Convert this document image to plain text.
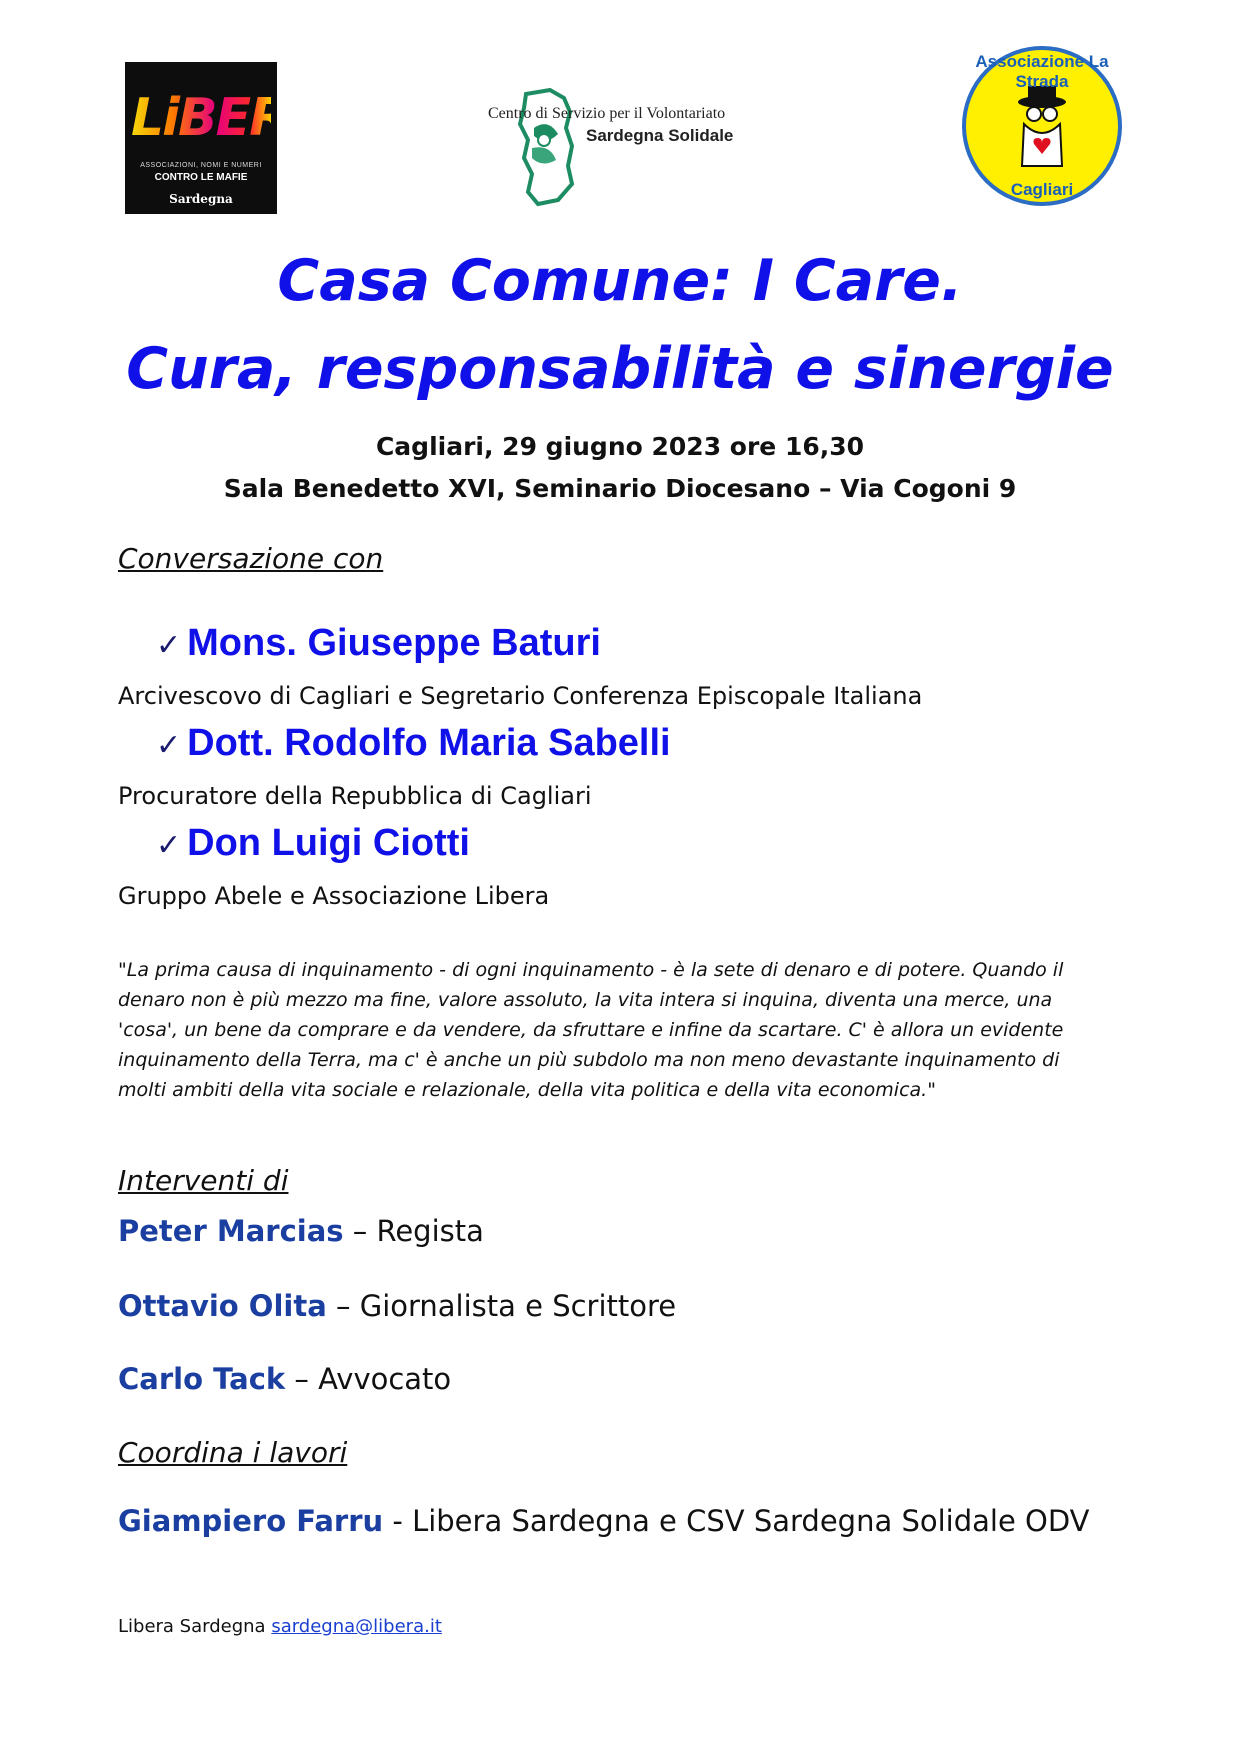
LiBERA
ASSOCIAZIONI, NOMI E NUMERI
CONTRO LE MAFIE
Sardegna
Centro di Servizio per il Volontariato
Sardegna Solidale
Associazione La Strada
Cagliari
Casa Comune: I Care.
Cura, responsabilità e sinergie
Cagliari, 29 giugno 2023 ore 16,30
Sala Benedetto XVI, Seminario Diocesano – Via Cogoni 9
Conversazione con
✓ Mons. Giuseppe Baturi
Arcivescovo di Cagliari e Segretario Conferenza Episcopale Italiana
✓ Dott. Rodolfo Maria Sabelli
Procuratore della Repubblica di Cagliari
✓ Don Luigi Ciotti
Gruppo Abele e Associazione Libera
"La prima causa di inquinamento - di ogni inquinamento - è la sete di denaro e di potere. Quando il
denaro non è più mezzo ma fine, valore assoluto, la vita intera si inquina, diventa una merce, una
'cosa', un bene da comprare e da vendere, da sfruttare e infine da scartare. C' è allora un evidente
inquinamento della Terra, ma c' è anche un più subdolo ma non meno devastante inquinamento di
molti ambiti della vita sociale e relazionale, della vita politica e della vita economica."
Interventi di
Peter Marcias – Regista
Ottavio Olita – Giornalista e Scrittore
Carlo Tack – Avvocato
Coordina i lavori
Giampiero Farru - Libera Sardegna e CSV Sardegna Solidale ODV
Libera Sardegna sardegna@libera.it
